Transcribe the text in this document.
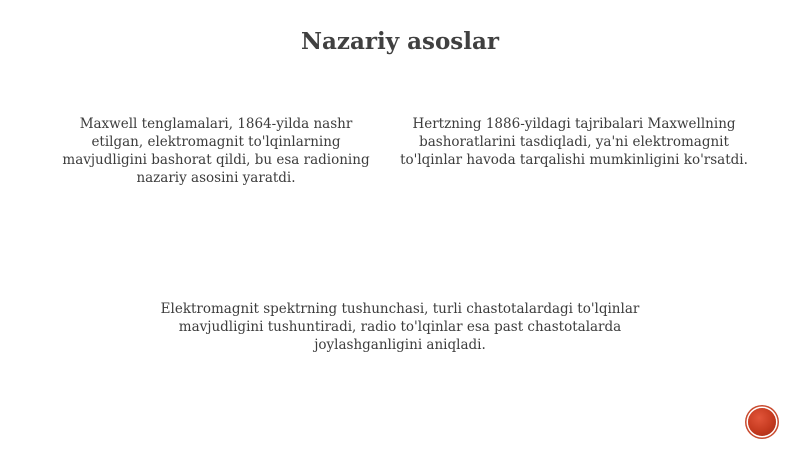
Nazariy asoslar

Maxwell tenglamalari, 1864-yilda nashr etilgan, elektromagnit to'lqinlarning mavjudligini bashorat qildi, bu esa radioning nazariy asosini yaratdi.

Hertzning 1886-yildagi tajribalari Maxwellning bashoratlarini tasdiqladi, ya'ni elektromagnit to'lqinlar havoda tarqalishi mumkinligini ko'rsatdi.

Elektromagnit spektrning tushunchasi, turli chastotalardagi to'lqinlar mavjudligini tushuntiradi, radio to'lqinlar esa past chastotalarda joylashganligini aniqladi.
